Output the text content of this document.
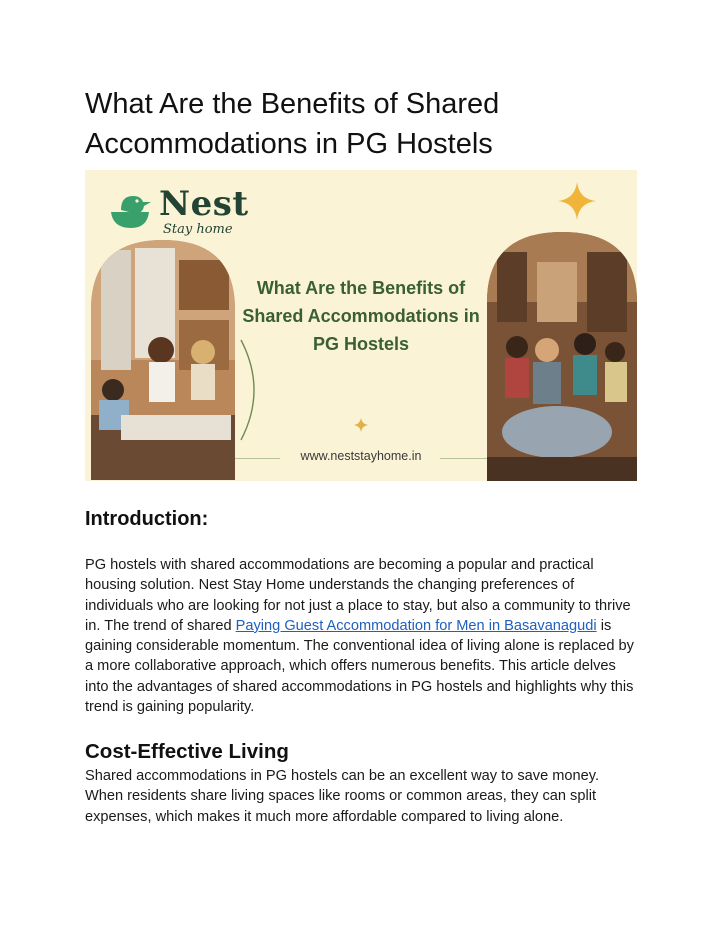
What Are the Benefits of Shared Accommodations in PG Hostels
Nest
Stay home
What Are the Benefits of Shared Accommodations in PG Hostels
www.neststayhome.in
Introduction:

PG hostels with shared accommodations are becoming a popular and practical housing solution. Nest Stay Home understands the changing preferences of individuals who are looking for not just a place to stay, but also a community to thrive in. The trend of shared Paying Guest Accommodation for Men in Basavanagudi is gaining considerable momentum. The conventional idea of living alone is replaced by a more collaborative approach, which offers numerous benefits. This article delves into the advantages of shared accommodations in PG hostels and highlights why this trend is gaining popularity.

Cost-Effective Living

Shared accommodations in PG hostels can be an excellent way to save money. When residents share living spaces like rooms or common areas, they can split expenses, which makes it much more affordable compared to living alone.
